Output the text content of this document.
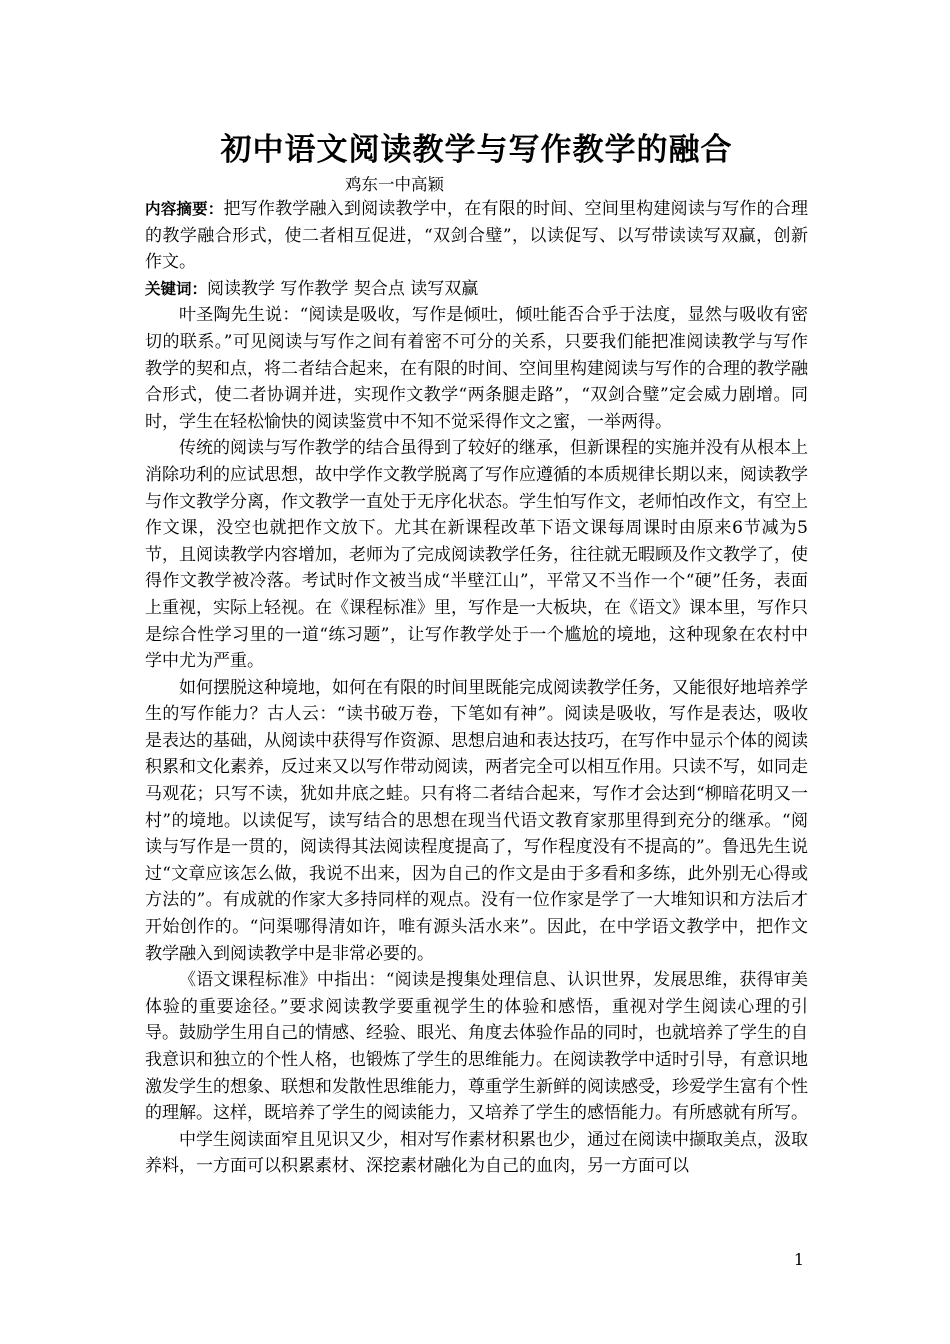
初中语文阅读教学与写作教学的融合

鸡东一中高颖

内容摘要：把写作教学融入到阅读教学中，在有限的时间、空间里构建阅读与写作的合理的教学融合形式，使二者相互促进，“双剑合璧”，以读促写、以写带读读写双赢，创新作文。

关键词：阅读教学 写作教学 契合点 读写双赢

叶圣陶先生说：“阅读是吸收，写作是倾吐，倾吐能否合乎于法度，显然与吸收有密切的联系。”可见阅读与写作之间有着密不可分的关系，只要我们能把准阅读教学与写作教学的契和点，将二者结合起来，在有限的时间、空间里构建阅读与写作的合理的教学融合形式，使二者协调并进，实现作文教学“两条腿走路”，“双剑合璧”定会威力剧增。同时，学生在轻松愉快的阅读鉴赏中不知不觉采得作文之蜜，一举两得。

传统的阅读与写作教学的结合虽得到了较好的继承，但新课程的实施并没有从根本上消除功利的应试思想，故中学作文教学脱离了写作应遵循的本质规律长期以来，阅读教学与作文教学分离，作文教学一直处于无序化状态。学生怕写作文，老师怕改作文，有空上作文课，没空也就把作文放下。尤其在新课程改革下语文课每周课时由原来6节减为5节，且阅读教学内容增加，老师为了完成阅读教学任务，往往就无暇顾及作文教学了，使得作文教学被冷落。考试时作文被当成“半壁江山”，平常又不当作一个“硬”任务，表面上重视，实际上轻视。在《课程标准》里，写作是一大板块，在《语文》课本里，写作只是综合性学习里的一道“练习题”，让写作教学处于一个尴尬的境地，这种现象在农村中学中尤为严重。

如何摆脱这种境地，如何在有限的时间里既能完成阅读教学任务，又能很好地培养学生的写作能力？古人云：“读书破万卷，下笔如有神”。阅读是吸收，写作是表达，吸收是表达的基础，从阅读中获得写作资源、思想启迪和表达技巧，在写作中显示个体的阅读积累和文化素养，反过来又以写作带动阅读，两者完全可以相互作用。只读不写，如同走马观花；只写不读，犹如井底之蛙。只有将二者结合起来，写作才会达到“柳暗花明又一村”的境地。以读促写，读写结合的思想在现当代语文教育家那里得到充分的继承。“阅读与写作是一贯的，阅读得其法阅读程度提高了，写作程度没有不提高的”。鲁迅先生说过“文章应该怎么做，我说不出来，因为自己的作文是由于多看和多练，此外别无心得或方法的”。有成就的作家大多持同样的观点。没有一位作家是学了一大堆知识和方法后才开始创作的。“问渠哪得清如许，唯有源头活水来”。因此，在中学语文教学中，把作文教学融入到阅读教学中是非常必要的。

《语文课程标准》中指出：“阅读是搜集处理信息、认识世界，发展思维，获得审美体验的重要途径。”要求阅读教学要重视学生的体验和感悟，重视对学生阅读心理的引导。鼓励学生用自己的情感、经验、眼光、角度去体验作品的同时，也就培养了学生的自我意识和独立的个性人格，也锻炼了学生的思维能力。在阅读教学中适时引导，有意识地激发学生的想象、联想和发散性思维能力，尊重学生新鲜的阅读感受，珍爱学生富有个性的理解。这样，既培养了学生的阅读能力，又培养了学生的感悟能力。有所感就有所写。

中学生阅读面窄且见识又少，相对写作素材积累也少，通过在阅读中撷取美点，汲取养料，一方面可以积累素材、深挖素材融化为自己的血肉，另一方面可以

1
